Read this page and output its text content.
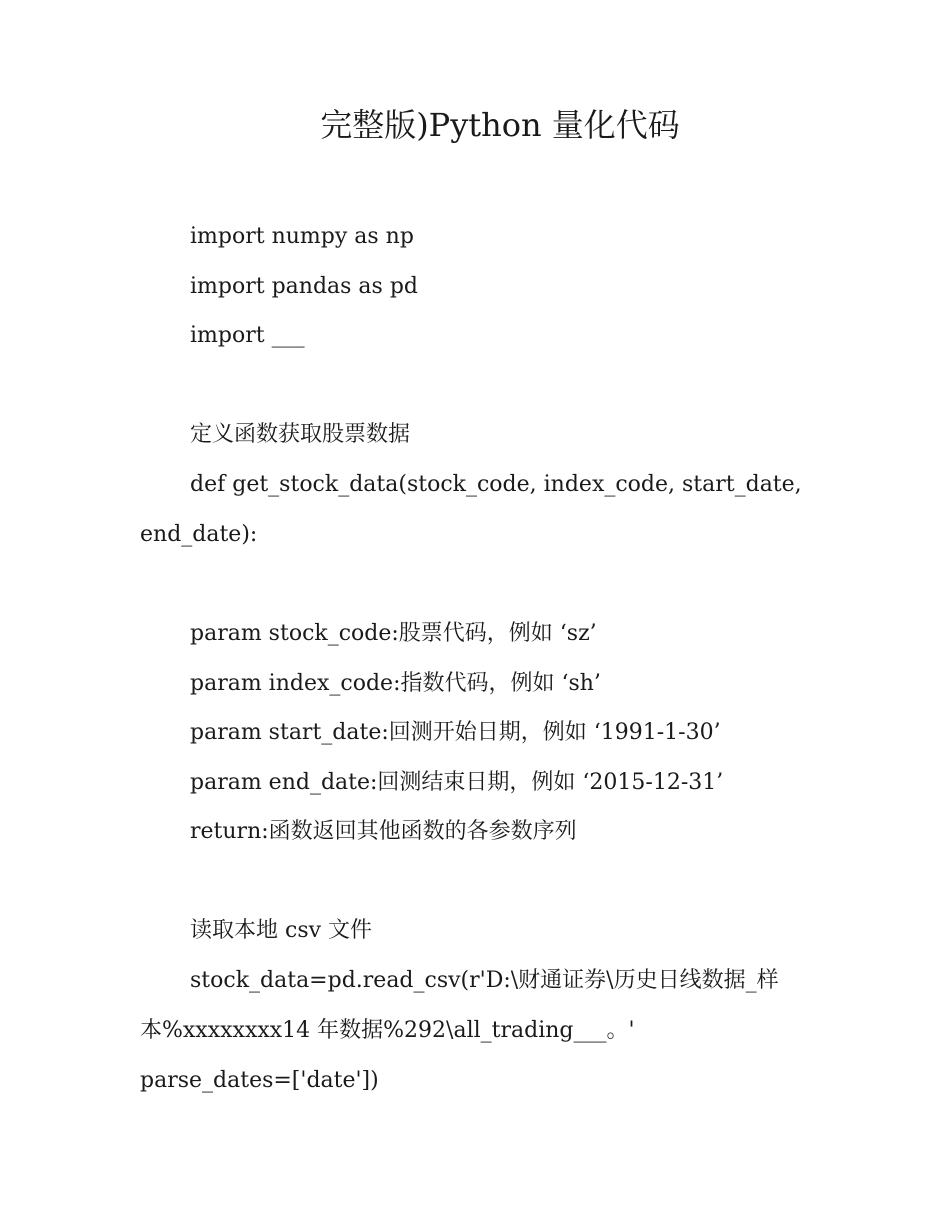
完整版)Python 量化代码
import numpy as np
import pandas as pd
import ___
定义函数获取股票数据
def get_stock_data(stock_code, index_code, start_date,
end_date):
param stock_code:股票代码，例如 ‘sz’
param index_code:指数代码，例如 ‘sh’
param start_date:回测开始日期，例如 ‘1991-1-30’
param end_date:回测结束日期，例如 ‘2015-12-31’
return:函数返回其他函数的各参数序列
读取本地 csv 文件
stock_data=pd.read_csv(r'D:\财通证券\历史日线数据_样
本%xxxxxxxx14 年数据%292\all_trading___。'
parse_dates=['date'])
